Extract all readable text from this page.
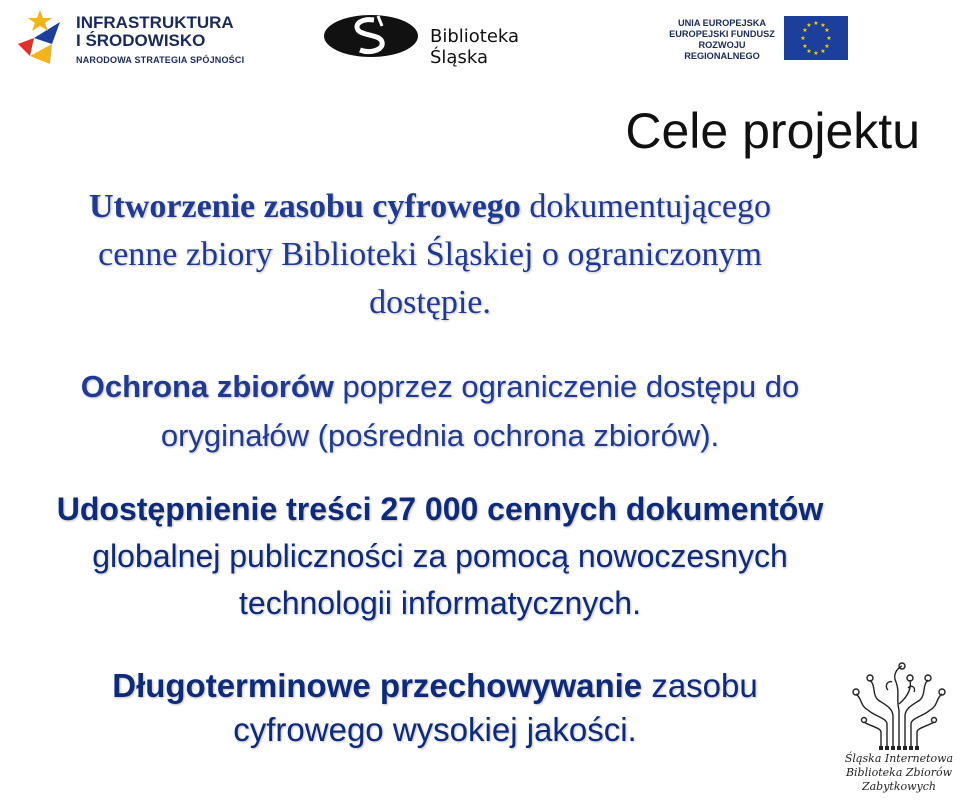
INFRASTRUKTURA
I ŚRODOWISKO
NARODOWA STRATEGIA SPÓJNOŚCI
Biblioteka Śląska
UNIA EUROPEJSKA
EUROPEJSKI FUNDUSZ
ROZWOJU REGIONALNEGO
★ ★
★
★
★
★
★
★
★
★
★
★
Cele projektu
Utworzenie zasobu cyfrowego dokumentującego
cenne zbiory Biblioteki Śląskiej o ograniczonym
dostępie.
Ochrona zbiorów poprzez ograniczenie dostępu do
oryginałów (pośrednia ochrona zbiorów).
Udostępnienie treści 27 000 cennych dokumentów
globalnej publiczności za pomocą nowoczesnych
technologii informatycznych.
Długoterminowe przechowywanie zasobu
cyfrowego wysokiej jakości.
Śląska Internetowa
Biblioteka Zbiorów
Zabytkowych
